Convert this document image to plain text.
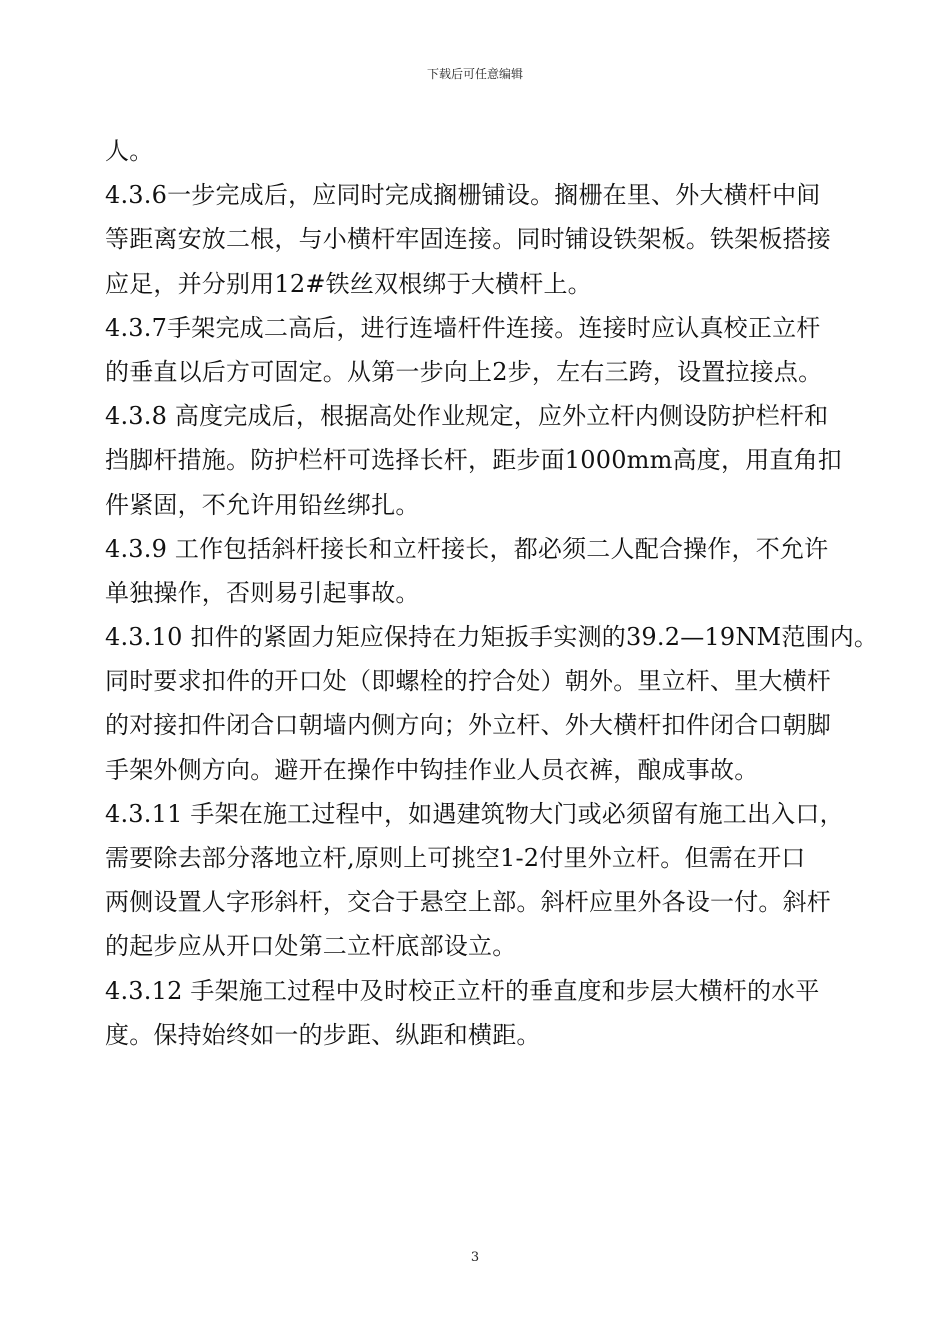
下载后可任意编辑
人。
4.3.6一步完成后，应同时完成搁栅铺设。搁栅在里、外大横杆中间
等距离安放二根，与小横杆牢固连接。同时铺设铁架板。铁架板搭接
应足，并分别用12#铁丝双根绑于大横杆上。
4.3.7手架完成二高后，进行连墙杆件连接。连接时应认真校正立杆
的垂直以后方可固定。从第一步向上2步，左右三跨，设置拉接点。
4.3.8 高度完成后，根据高处作业规定，应外立杆内侧设防护栏杆和
挡脚杆措施。防护栏杆可选择长杆，距步面1000mm高度，用直角扣
件紧固，不允许用铅丝绑扎。
4.3.9 工作包括斜杆接长和立杆接长，都必须二人配合操作，不允许
单独操作，否则易引起事故。
4.3.10 扣件的紧固力矩应保持在力矩扳手实测的39.2—19NM范围内。
同时要求扣件的开口处（即螺栓的拧合处）朝外。里立杆、里大横杆
的对接扣件闭合口朝墙内侧方向；外立杆、外大横杆扣件闭合口朝脚
手架外侧方向。避开在操作中钩挂作业人员衣裤，酿成事故。
4.3.11 手架在施工过程中，如遇建筑物大门或必须留有施工出入口，
需要除去部分落地立杆,原则上可挑空1-2付里外立杆。但需在开口
两侧设置人字形斜杆，交合于悬空上部。斜杆应里外各设一付。斜杆
的起步应从开口处第二立杆底部设立。
4.3.12 手架施工过程中及时校正立杆的垂直度和步层大横杆的水平
度。保持始终如一的步距、纵距和横距。
3
